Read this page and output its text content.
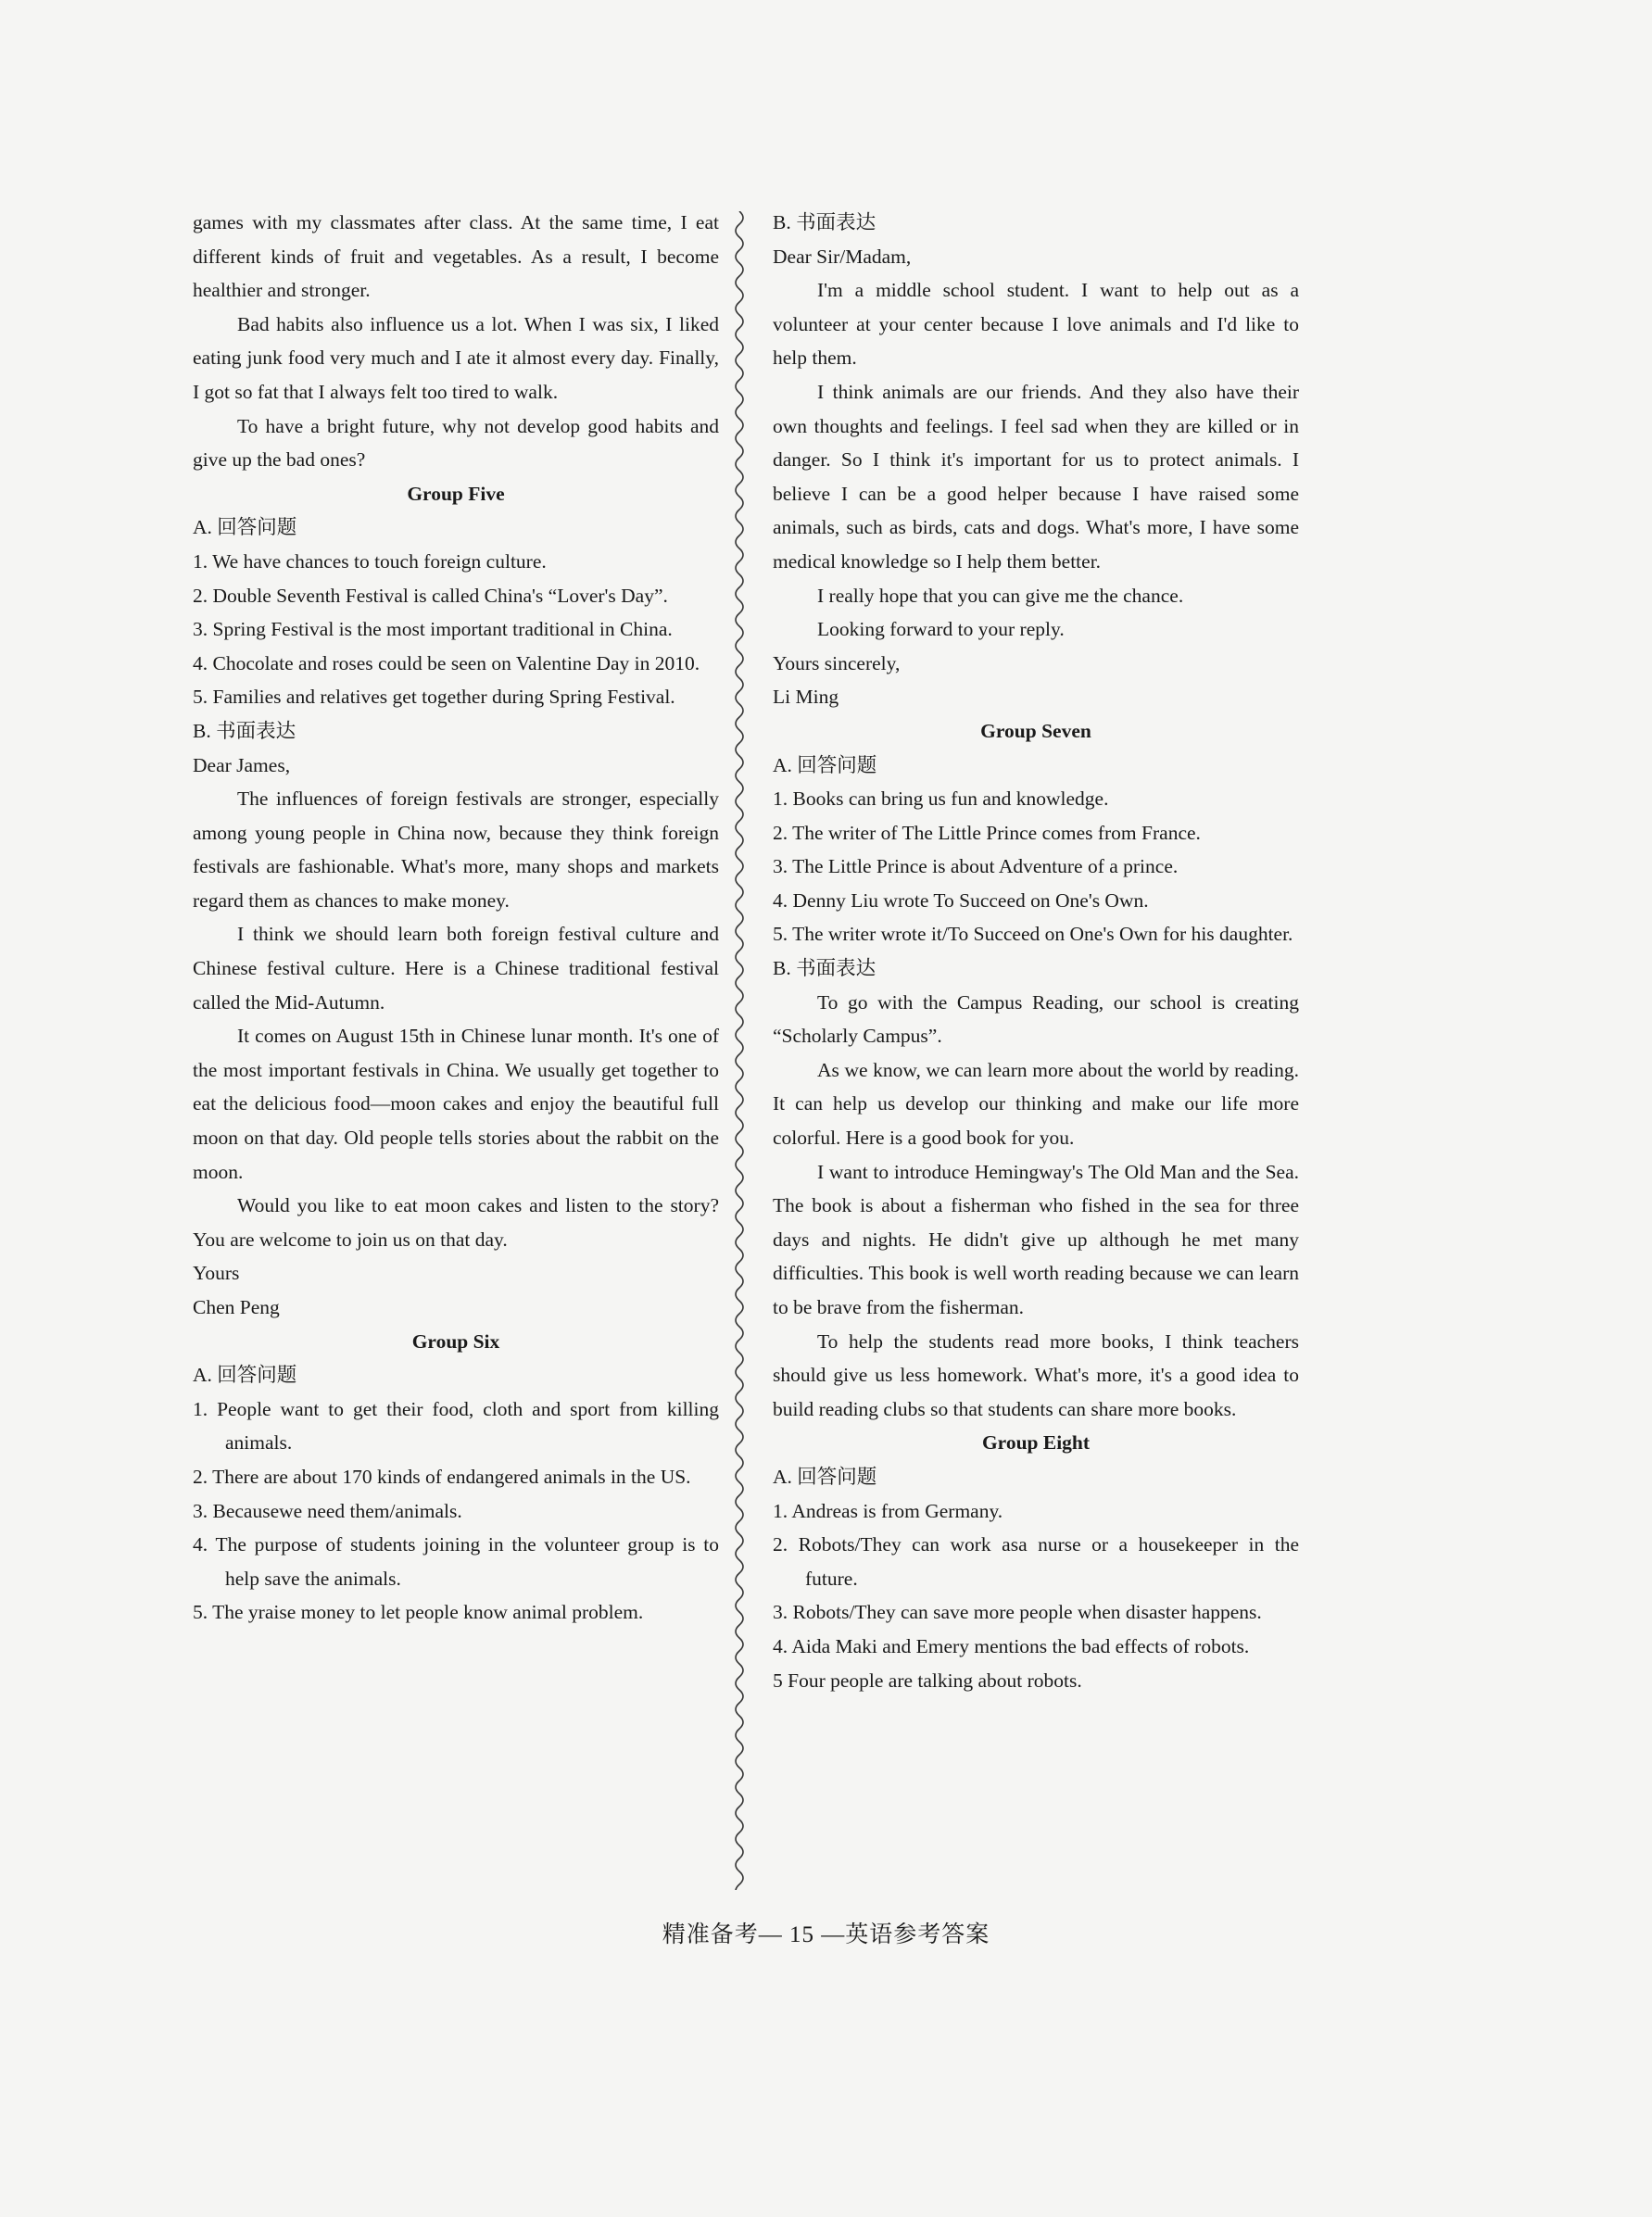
games with my classmates after class. At the same time, I eat different kinds of fruit and vegetables. As a result, I become healthier and stronger.
Bad habits also influence us a lot. When I was six, I liked eating junk food very much and I ate it almost every day. Finally, I got so fat that I always felt too tired to walk.
To have a bright future, why not develop good habits and give up the bad ones?
Group Five
A. 回答问题
1. We have chances to touch foreign culture.
2. Double Seventh Festival is called China's “Lover's Day”.
3. Spring Festival is the most important traditional in China.
4. Chocolate and roses could be seen on Valentine Day in 2010.
5. Families and relatives get together during Spring Festival.
B. 书面表达
Dear James,
The influences of foreign festivals are stronger, especially among young people in China now, because they think foreign festivals are fashionable. What's more, many shops and markets regard them as chances to make money.
I think we should learn both foreign festival culture and Chinese festival culture. Here is a Chinese traditional festival called the Mid-Autumn.
It comes on August 15th in Chinese lunar month. It's one of the most important festivals in China. We usually get together to eat the delicious food—moon cakes and enjoy the beautiful full moon on that day. Old people tells stories about the rabbit on the moon.
Would you like to eat moon cakes and listen to the story? You are welcome to join us on that day.
Yours
Chen Peng
Group Six
A. 回答问题
1. People want to get their food, cloth and sport from killing animals.
2. There are about 170 kinds of endangered animals in the US.
3. Becausewe need them/animals.
4. The purpose of students joining in the volunteer group is to help save the animals.
5. The yraise money to let people know animal problem.
B. 书面表达
Dear Sir/Madam,
I'm a middle school student. I want to help out as a volunteer at your center because I love animals and I'd like to help them.
I think animals are our friends. And they also have their own thoughts and feelings. I feel sad when they are killed or in danger. So I think it's important for us to protect animals. I believe I can be a good helper because I have raised some animals, such as birds, cats and dogs. What's more, I have some medical knowledge so I help them better.
I really hope that you can give me the chance.
Looking forward to your reply.
Yours sincerely,
Li Ming
Group Seven
A. 回答问题
1. Books can bring us fun and knowledge.
2. The writer of The Little Prince comes from France.
3. The Little Prince is about Adventure of a prince.
4. Denny Liu wrote To Succeed on One's Own.
5. The writer wrote it/To Succeed on One's Own for his daughter.
B. 书面表达
To go with the Campus Reading, our school is creating “Scholarly Campus”.
As we know, we can learn more about the world by reading. It can help us develop our thinking and make our life more colorful. Here is a good book for you.
I want to introduce Hemingway's The Old Man and the Sea. The book is about a fisherman who fished in the sea for three days and nights. He didn't give up although he met many difficulties. This book is well worth reading because we can learn to be brave from the fisherman.
To help the students read more books, I think teachers should give us less homework. What's more, it's a good idea to build reading clubs so that students can share more books.
Group Eight
A. 回答问题
1. Andreas is from Germany.
2. Robots/They can work asa nurse or a housekeeper in the future.
3. Robots/They can save more people when disaster happens.
4. Aida Maki and Emery mentions the bad effects of robots.
5 Four people are talking about robots.
精准备考— 15 —英语参考答案
